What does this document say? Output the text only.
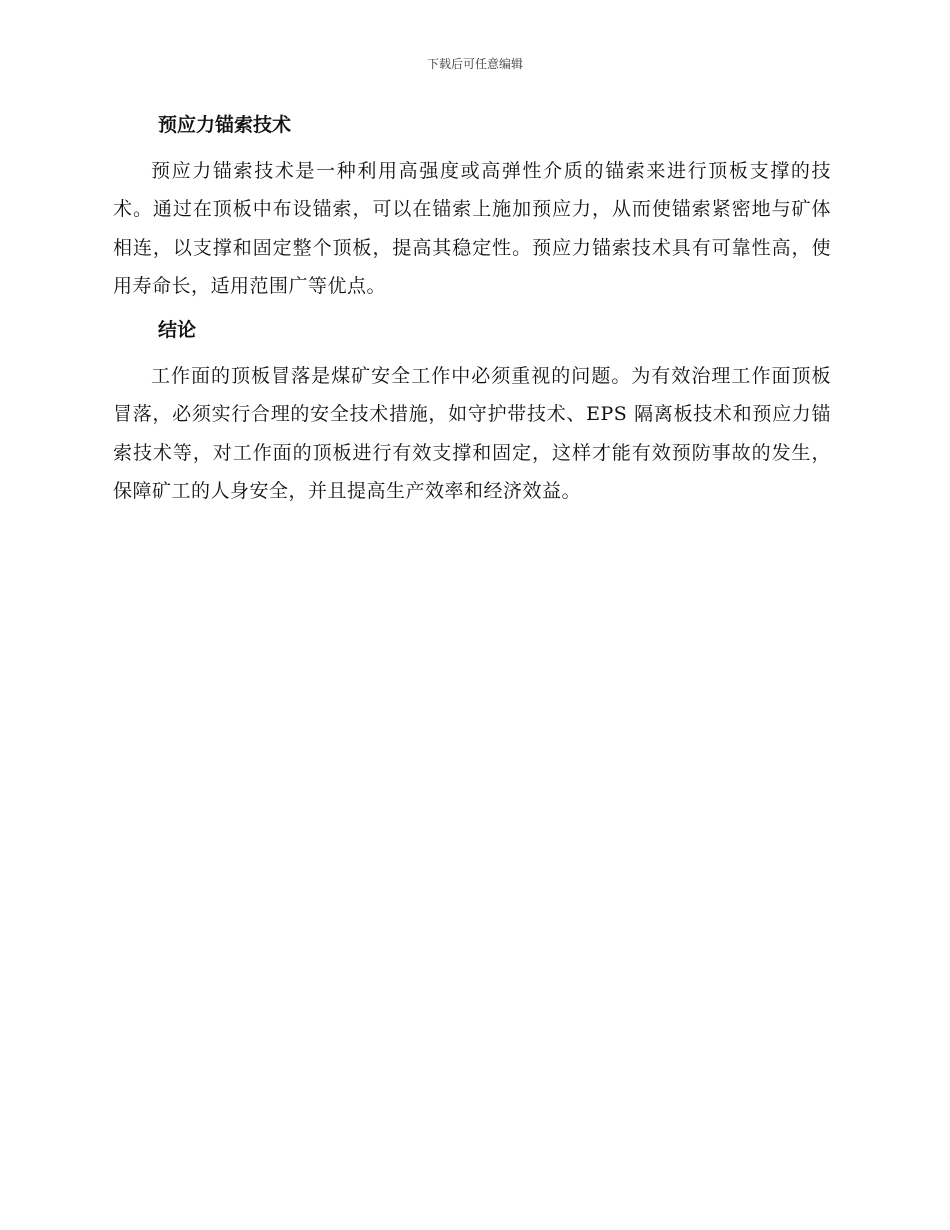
下载后可任意编辑
预应力锚索技术

预应力锚索技术是一种利用高强度或高弹性介质的锚索来进行顶板支撑的技术。通过在顶板中布设锚索，可以在锚索上施加预应力，从而使锚索紧密地与矿体相连，以支撑和固定整个顶板，提高其稳定性。预应力锚索技术具有可靠性高，使用寿命长，适用范围广等优点。

结论

工作面的顶板冒落是煤矿安全工作中必须重视的问题。为有效治理工作面顶板冒落，必须实行合理的安全技术措施，如守护带技术、EPS 隔离板技术和预应力锚索技术等，对工作面的顶板进行有效支撑和固定，这样才能有效预防事故的发生，保障矿工的人身安全，并且提高生产效率和经济效益。
